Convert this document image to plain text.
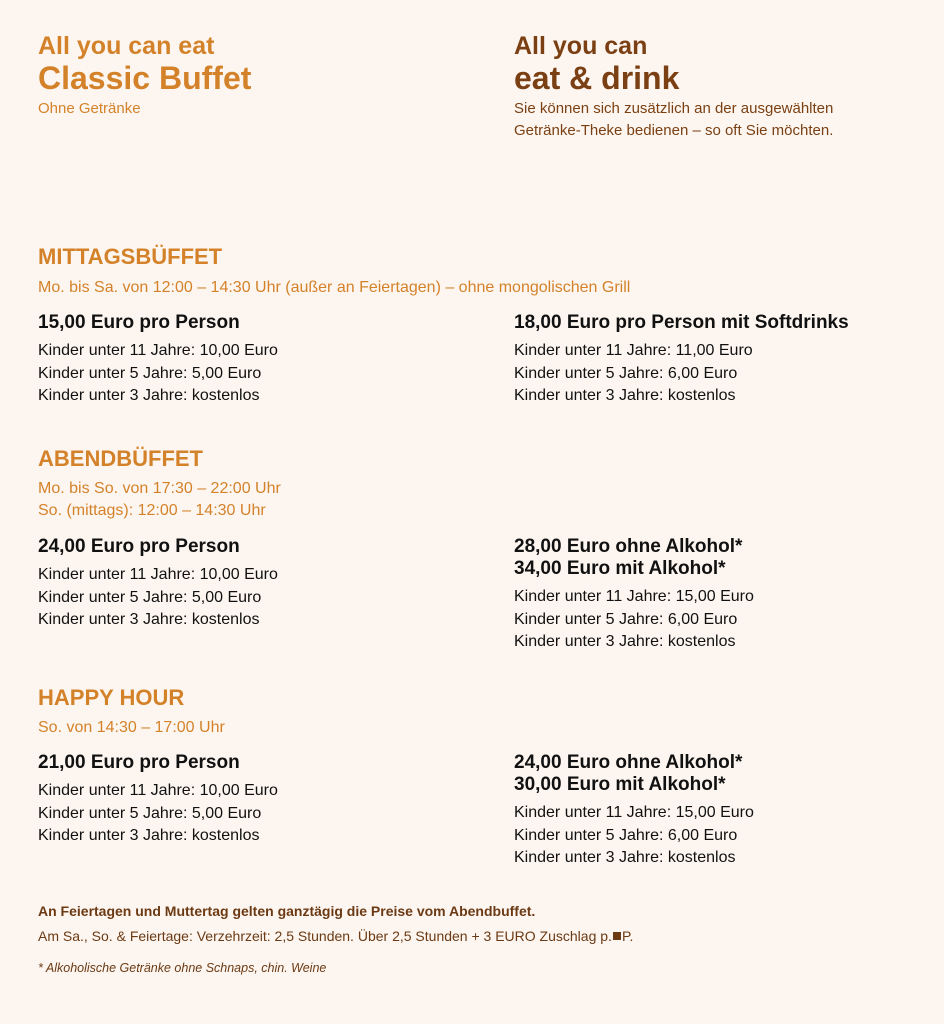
All you can eat
Classic Buffet
Ohne Getränke
All you can
eat & drink
Sie können sich zusätzlich an der ausgewählten
Getränke-Theke bedienen – so oft Sie möchten.
MITTAGSBÜFFET
Mo. bis Sa. von 12:00 – 14:30 Uhr (außer an Feiertagen) – ohne mongolischen Grill
15,00 Euro pro Person
Kinder unter 11 Jahre: 10,00 Euro
Kinder unter 5 Jahre: 5,00 Euro
Kinder unter 3 Jahre: kostenlos
18,00 Euro pro Person mit Softdrinks
Kinder unter 11 Jahre: 11,00 Euro
Kinder unter 5 Jahre: 6,00 Euro
Kinder unter 3 Jahre: kostenlos
ABENDBÜFFET
Mo. bis So. von 17:30 – 22:00 Uhr
So. (mittags): 12:00 – 14:30 Uhr
24,00 Euro pro Person
Kinder unter 11 Jahre: 10,00 Euro
Kinder unter 5 Jahre: 5,00 Euro
Kinder unter 3 Jahre: kostenlos
28,00 Euro ohne Alkohol*
34,00 Euro mit Alkohol*
Kinder unter 11 Jahre: 15,00 Euro
Kinder unter 5 Jahre: 6,00 Euro
Kinder unter 3 Jahre: kostenlos
HAPPY HOUR
So. von 14:30 – 17:00 Uhr
21,00 Euro pro Person
Kinder unter 11 Jahre: 10,00 Euro
Kinder unter 5 Jahre: 5,00 Euro
Kinder unter 3 Jahre: kostenlos
24,00 Euro ohne Alkohol*
30,00 Euro mit Alkohol*
Kinder unter 11 Jahre: 15,00 Euro
Kinder unter 5 Jahre: 6,00 Euro
Kinder unter 3 Jahre: kostenlos
An Feiertagen und Muttertag gelten ganztägig die Preise vom Abendbuffet.
Am Sa., So. & Feiertage: Verzehrzeit: 2,5 Stunden. Über 2,5 Stunden + 3 EURO Zuschlag p. P.
* Alkoholische Getränke ohne Schnaps, chin. Weine
